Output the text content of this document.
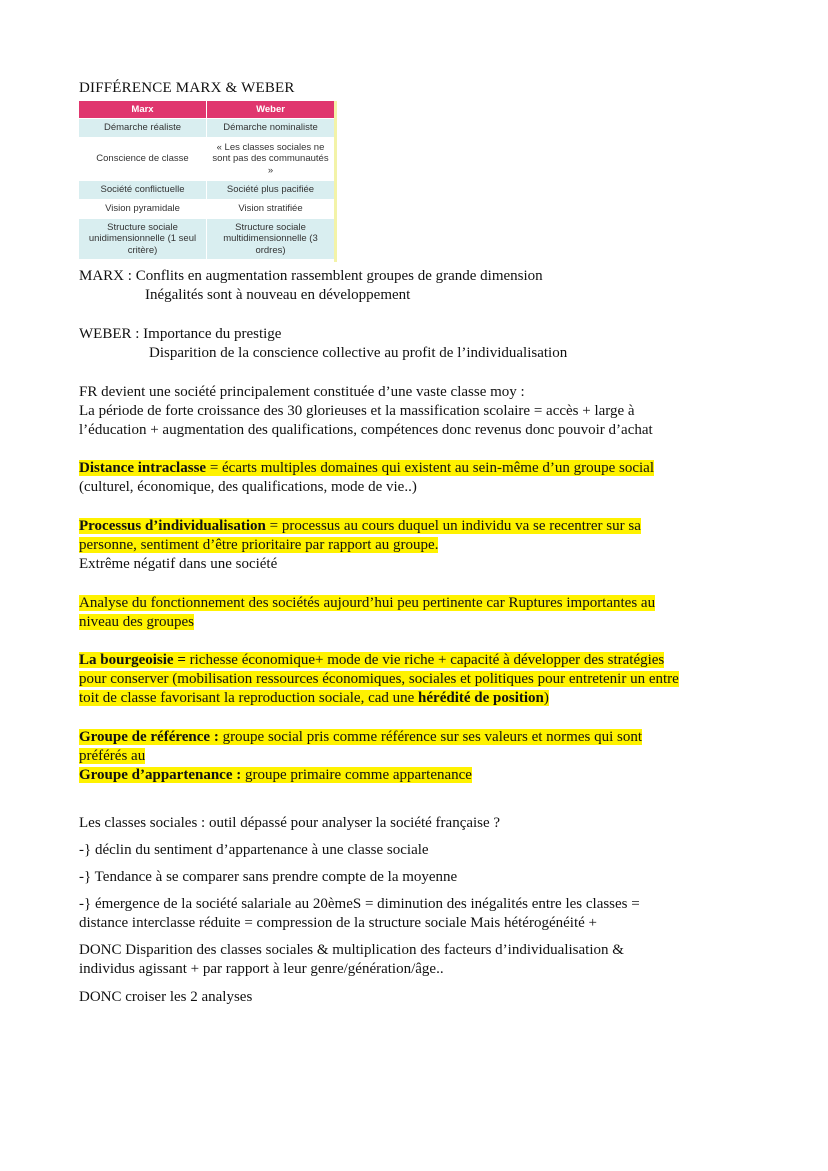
DIFFÉRENCE MARX & WEBER
Marx	Weber
Démarche réaliste	Démarche nominaliste
Conscience de classe	« Les classes sociales ne sont pas des communautés »
Société conflictuelle	Société plus pacifiée
Vision pyramidale	Vision stratifiée
Structure sociale unidimensionnelle (1 seul critère)	Structure sociale multidimensionnelle (3 ordres)
MARX : Conflits en augmentation rassemblent groupes de grande dimension
Inégalités sont à nouveau en développement
WEBER : Importance du prestige
Disparition de la conscience collective au profit de l’individualisation
FR devient une société principalement constituée d’une vaste classe moy :
La période de forte croissance des 30 glorieuses et la massification scolaire = accès + large à
l’éducation + augmentation des qualifications, compétences donc revenus donc pouvoir d’achat
Distance intraclasse = écarts multiples domaines qui existent au sein-même d’un groupe social
(culturel, économique, des qualifications, mode de vie..)
Processus d’individualisation = processus au cours duquel un individu va se recentrer sur sa
personne, sentiment d’être prioritaire par rapport au groupe.
Extrême négatif dans une société
Analyse du fonctionnement des sociétés aujourd’hui peu pertinente car Ruptures importantes au
niveau des groupes
La bourgeoisie = richesse économique+ mode de vie riche + capacité à développer des stratégies
pour conserver (mobilisation ressources économiques, sociales et politiques pour entretenir un entre
toit de classe favorisant la reproduction sociale, cad une hérédité de position)
Groupe de référence : groupe social pris comme référence sur ses valeurs et normes qui sont
préférés au
Groupe d’appartenance : groupe primaire comme appartenance
Les classes sociales : outil dépassé pour analyser la société française ?
-} déclin du sentiment d’appartenance à une classe sociale
-} Tendance à se comparer sans prendre compte de la moyenne
-} émergence de la société salariale au 20èmeS = diminution des inégalités entre les classes =
distance interclasse réduite = compression de la structure sociale Mais hétérogénéité +
DONC Disparition des classes sociales & multiplication des facteurs d’individualisation &
individus agissant + par rapport à leur genre/génération/âge..
DONC croiser les 2 analyses
